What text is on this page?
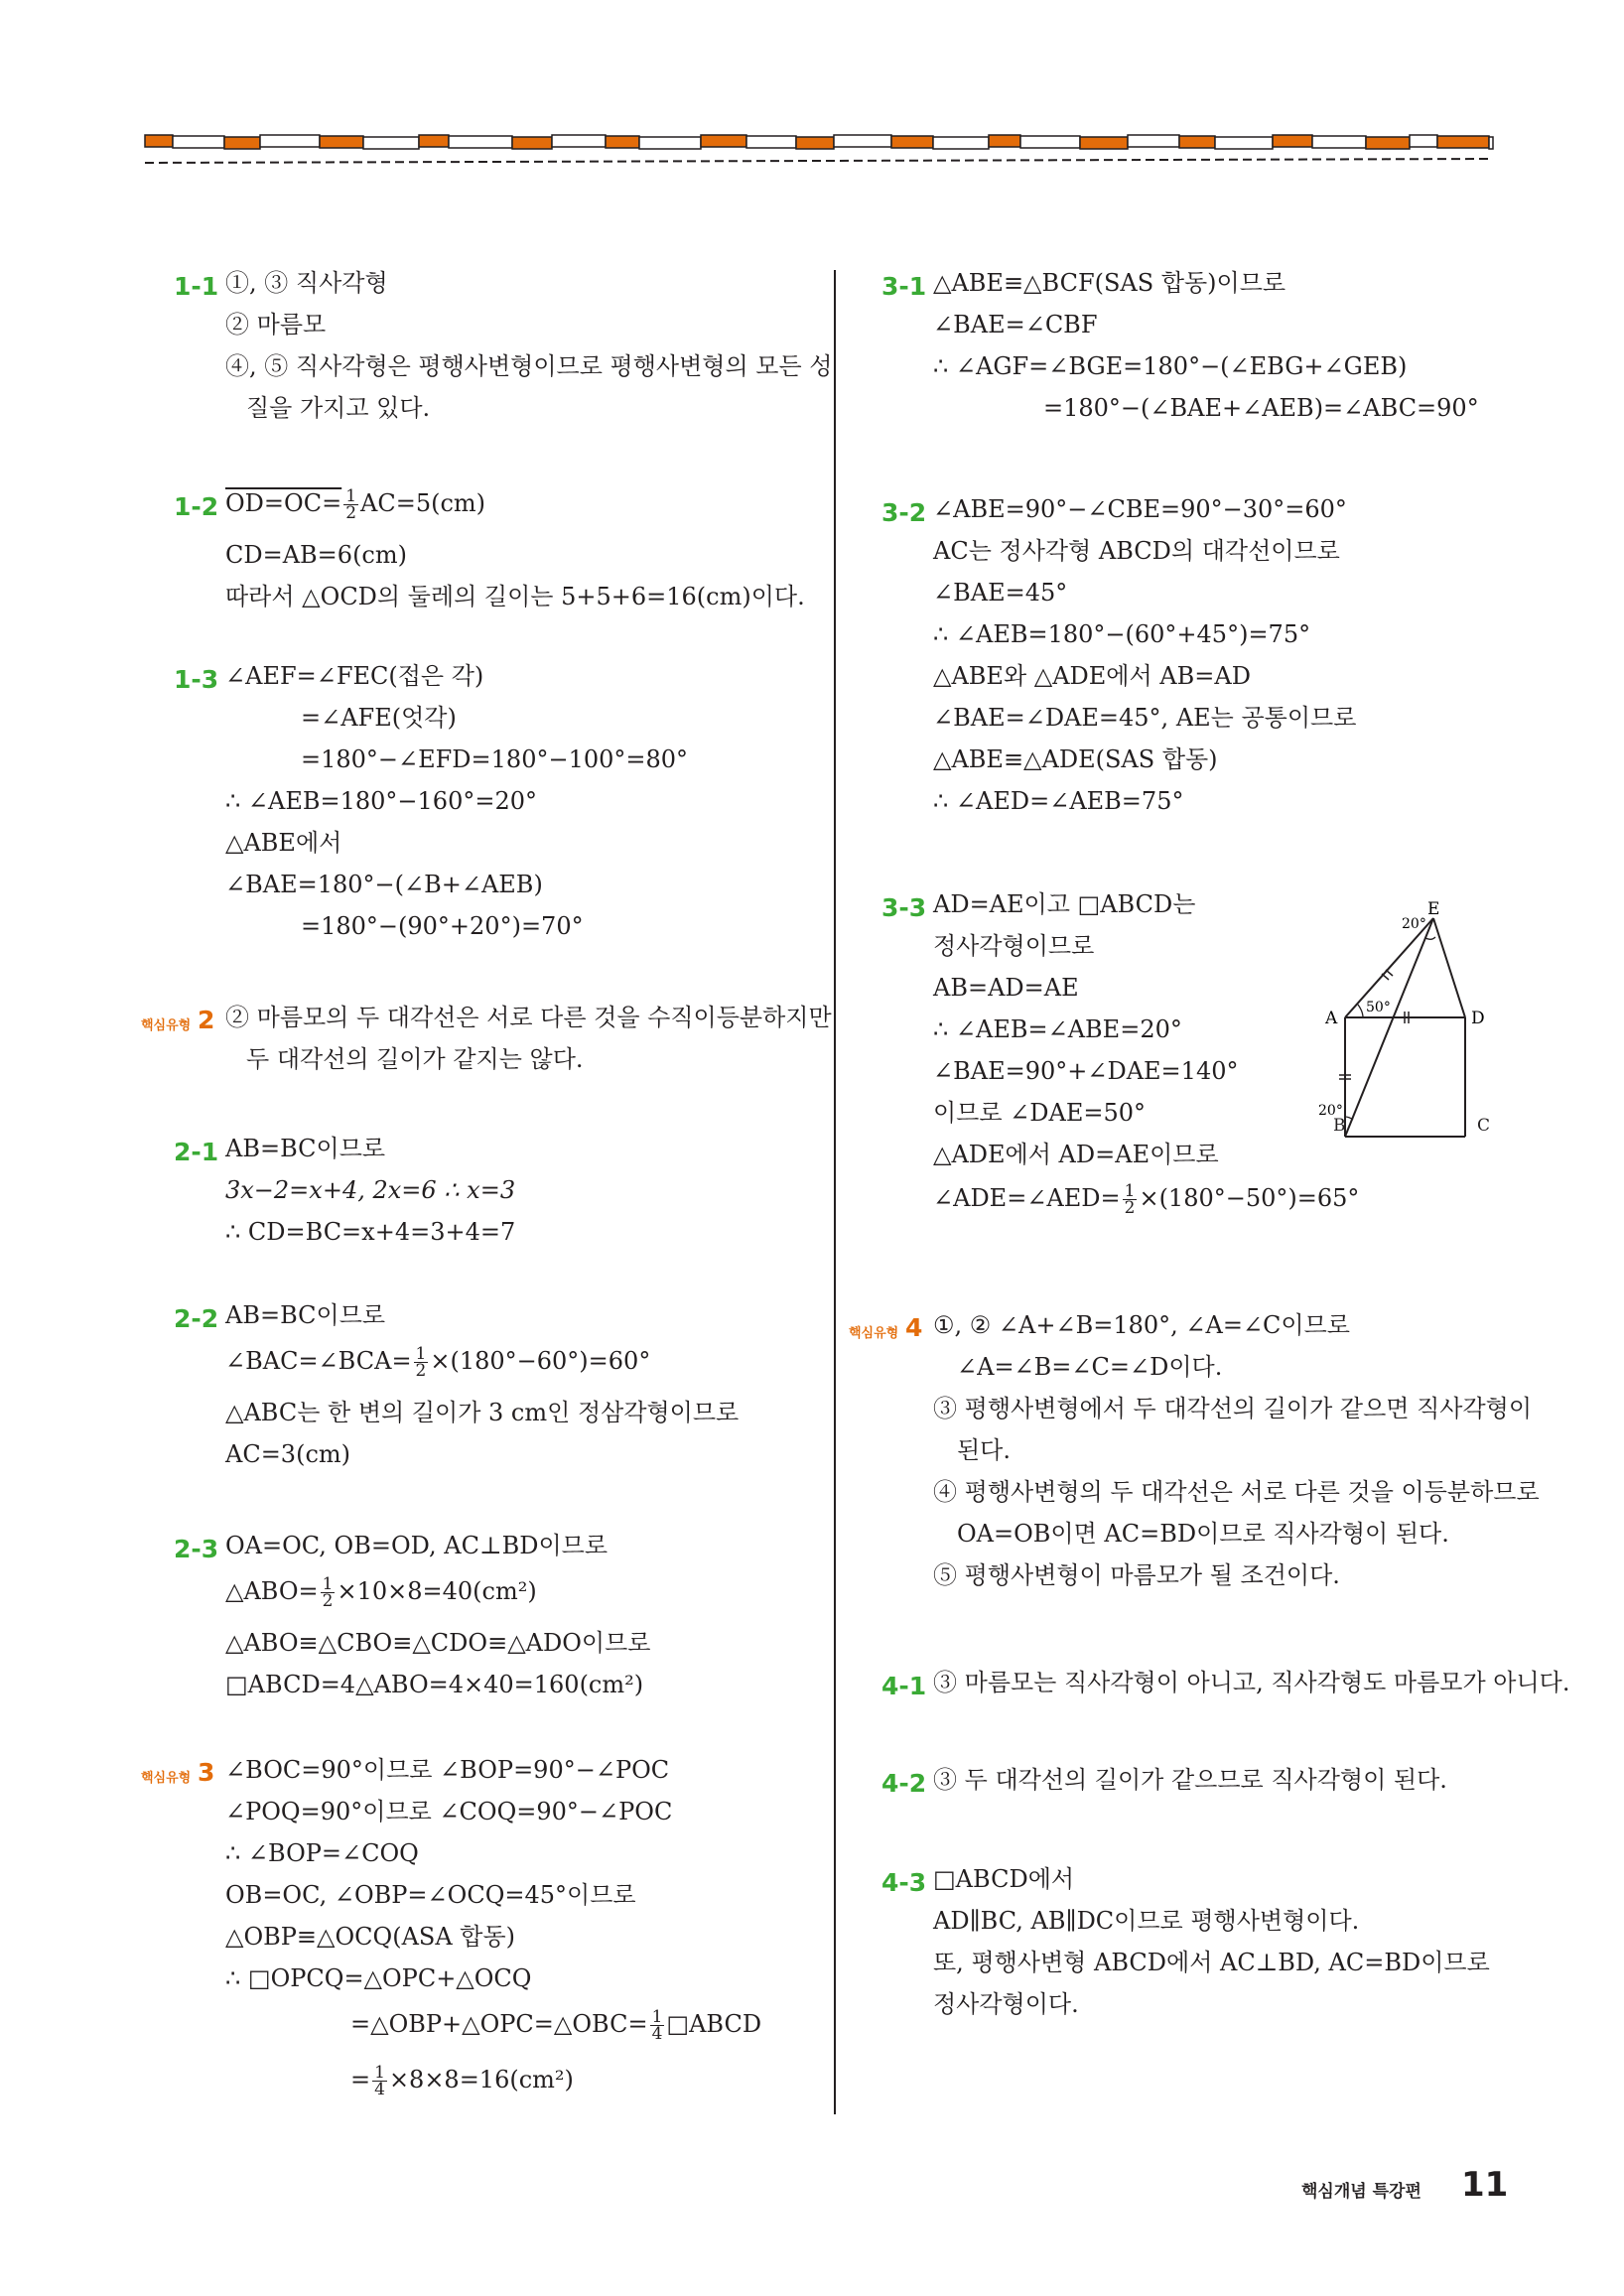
1-1 ①, ③ 직사각형
② 마름모
④, ⑤ 직사각형은 평행사변형이므로 평행사변형의 모든 성
질을 가지고 있다.
1-2 $OD=OC= \frac{1}{2} AC=5(cm)$
CD=AB=6(cm)
따라서 △OCD의 둘레의 길이는 5+5+6=16(cm)이다.
1-3 ∠AEF=∠FEC(접은 각)
=∠AFE(엇각)
=180°−∠EFD=180°−100°=80°
∴ ∠AEB=180°−160°=20°
△ABE에서
∠BAE=180°−(∠B+∠AEB)
=180°−(90°+20°)=70°
핵심유형 2 ② 마름모의 두 대각선은 서로 다른 것을 수직이등분하지만
두 대각선의 길이가 같지는 않다.
2-1 AB=BC이므로
3x−2=x+4, 2x=6 ∴ x=3
∴ CD=BC=x+4=3+4=7
2-2 AB=BC이므로
∠BAC=∠BCA= $\frac{1}{2} \times(180^\circ-60^\circ)=60^\circ$
△ABC는 한 변의 길이가 3 cm인 정삼각형이므로
AC=3(cm)
2-3 OA=OC, OB=OD, AC⊥BD이므로
△ABO= $\frac{1}{2} \times 10\times 8=40(cm^2)$
△ABO≡△CBO≡△CDO≡△ADO이므로
□ABCD=4△ABO=4×40=160(cm²)
핵심유형 3 ∠BOC=90°이므로 ∠BOP=90°−∠POC
∠POQ=90°이므로 ∠COQ=90°−∠POC
∴ ∠BOP=∠COQ
OB=OC, ∠OBP=∠OCQ=45°이므로
△OBP≡△OCQ(ASA 합동)
∴ □OPCQ=△OPC+△OCQ
=△OBP+△OPC=△OBC= $\frac{1}{4}$ □ABCD
= $\frac{1}{4} \times 8\times 8=16(cm^2)$
3-1 △ABE≡△BCF(SAS 합동)이므로
∠BAE=∠CBF
∴ ∠AGF=∠BGE=180°−(∠EBG+∠GEB)
=180°−(∠BAE+∠AEB)=∠ABC=90°
3-2 ∠ABE=90°−∠CBE=90°−30°=60°
AC는 정사각형 ABCD의 대각선이므로
∠BAE=45°
∴ ∠AEB=180°−(60°+45°)=75°
△ABE와 △ADE에서 AB=AD
∠BAE=∠DAE=45°, AE는 공통이므로
△ABE≡△ADE(SAS 합동)
∴ ∠AED=∠AEB=75°
3-3 AD=AE이고 □ABCD는
정사각형이므로
AB=AD=AE
∴ ∠AEB=∠ABE=20°
∠BAE=90°+∠DAE=140°
이므로 ∠DAE=50°
△ADE에서 AD=AE이므로
∠ADE=∠AED= $\frac{1}{2} \times(180^\circ-50^\circ)=65^\circ$
핵심유형 4 ①, ② ∠A+∠B=180°, ∠A=∠C이므로
∠A=∠B=∠C=∠D이다.
③ 평행사변형에서 두 대각선의 길이가 같으면 직사각형이
된다.
④ 평행사변형의 두 대각선은 서로 다른 것을 이등분하므로
OA=OB이면 AC=BD이므로 직사각형이 된다.
⑤ 평행사변형이 마름모가 될 조건이다.
4-1 ③ 마름모는 직사각형이 아니고, 직사각형도 마름모가 아니다.
4-2 ③ 두 대각선의 길이가 같으므로 직사각형이 된다.
4-3 □ABCD에서
AD∥BC, AB∥DC이므로 평행사변형이다.
또, 평행사변형 ABCD에서 AC⊥BD, AC=BD이므로
정사각형이다.
E
A	D
20°
50°
20°
B	C
핵심개념 특강편 11
